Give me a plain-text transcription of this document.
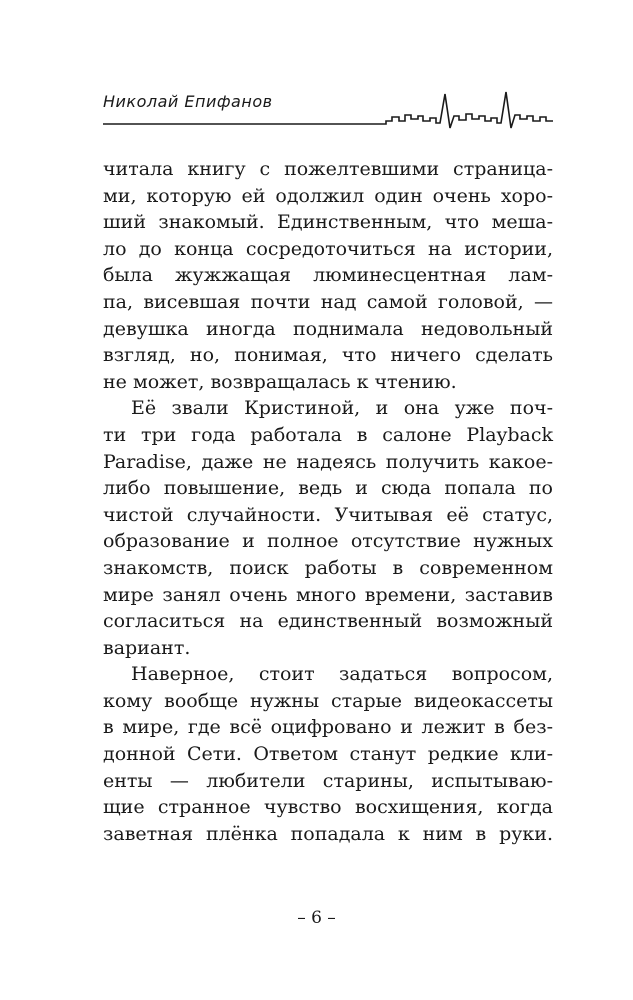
Николай Епифанов

читала книгу с пожелтевшими страница-

ми, которую ей одолжил один очень хоро-

ший знакомый. Единственным, что меша-

ло до конца сосредоточиться на истории,

была жужжащая люминесцентная лам-

па, висевшая почти над самой головой, —

девушка иногда поднимала недовольный

взгляд, но, понимая, что ничего сделать

не может, возвращалась к чтению.

Её звали Кристиной, и она уже поч-

ти три года работала в салоне Playback

Paradise, даже не надеясь получить какое-

либо повышение, ведь и сюда попала по

чистой случайности. Учитывая её статус,

образование и полное отсутствие нужных

знакомств, поиск работы в современном

мире занял очень много времени, заставив

согласиться на единственный возможный

вариант.

Наверное, стоит задаться вопросом,

кому вообще нужны старые видеокассеты

в мире, где всё оцифровано и лежит в без-

донной Сети. Ответом станут редкие кли-

енты — любители старины, испытываю-

щие странное чувство восхищения, когда

заветная плёнка попадала к ним в руки.

– 6 –
